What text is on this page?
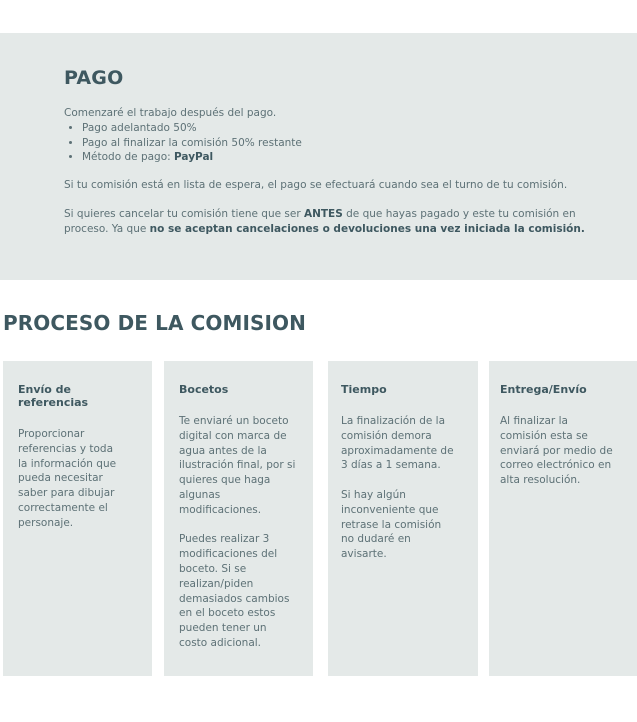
PAGO
Comenzaré el trabajo después del pago.
• Pago adelantado 50%
• Pago al finalizar la comisión 50% restante
• Método de pago: PayPal

Si tu comisión está en lista de espera, el pago se efectuará cuando sea el turno de tu comisión.

Si quieres cancelar tu comisión tiene que ser ANTES de que hayas pagado y este tu comisión en proceso. Ya que no se aceptan cancelaciones o devoluciones una vez iniciada la comisión.

PROCESO DE LA COMISION
Envío de referencias
Proporcionar
referencias y toda
la información que
pueda necesitar
saber para dibujar
correctamente el
personaje.
Bocetos
Te enviaré un boceto
digital con marca de
agua antes de la
ilustración final, por si
quieres que haga
algunas
modificaciones.

Puedes realizar 3
modificaciones del
boceto. Si se
realizan/piden
demasiados cambios
en el boceto estos
pueden tener un
costo adicional.
Tiempo
La finalización de la
comisión demora
aproximadamente de
3 días a 1 semana.

Si hay algún
inconveniente que
retrase la comisión
no dudaré en
avisarte.
Entrega/Envío
Al finalizar la
comisión esta se
enviará por medio de
correo electrónico en
alta resolución.
